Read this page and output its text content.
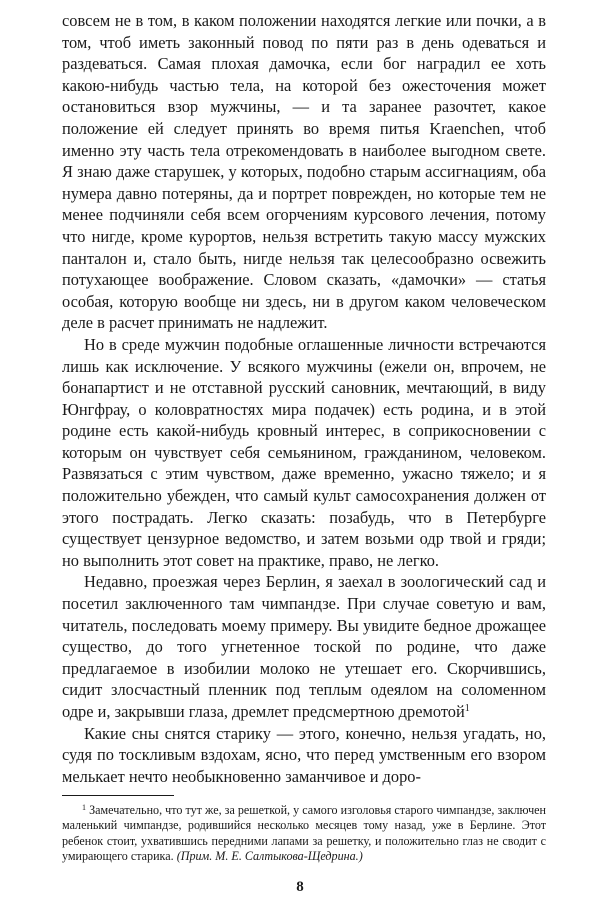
совсем не в том, в каком положении находятся легкие или почки, а в том, чтоб иметь законный повод по пяти раз в день одеваться и раздеваться. Самая плохая дамочка, если бог наградил ее хоть какою-нибудь частью тела, на которой без ожесточения может остановиться взор мужчины, — и та заранее разочтет, какое положение ей следует принять во время питья Kraenchen, чтоб именно эту часть тела отрекомендовать в наиболее выгодном свете. Я знаю даже старушек, у которых, подобно старым ассигнациям, оба нумера давно потеряны, да и портрет поврежден, но которые тем не менее подчиняли себя всем огорчениям курсового лечения, потому что нигде, кроме курортов, нельзя встретить такую массу мужских панталон и, стало быть, нигде нельзя так целесообразно освежить потухающее воображение. Словом сказать, «дамочки» — статья особая, которую вообще ни здесь, ни в другом каком человеческом деле в расчет принимать не надлежит.

Но в среде мужчин подобные оглашенные личности встречаются лишь как исключение. У всякого мужчины (ежели он, впрочем, не бонапартист и не отставной русский сановник, мечтающий, в виду Юнгфрау, о коловратностях мира подачек) есть родина, и в этой родине есть какой-нибудь кровный интерес, в соприкосновении с которым он чувствует себя семьянином, гражданином, человеком. Развязаться с этим чувством, даже временно, ужасно тяжело; и я положительно убежден, что самый культ самосохранения должен от этого пострадать. Легко сказать: позабудь, что в Петербурге существует цензурное ведомство, и затем возьми одр твой и гряди; но выполнить этот совет на практике, право, не легко.

Недавно, проезжая через Берлин, я заехал в зоологический сад и посетил заключенного там чимпандзе. При случае советую и вам, читатель, последовать моему примеру. Вы увидите бедное дрожащее существо, до того угнетенное тоской по родине, что даже предлагаемое в изобилии молоко не утешает его. Скорчившись, сидит злосчастный пленник под теплым одеялом на соломенном одре и, закрывши глаза, дремлет предсмертною дремотой$^1$

Какие сны снятся старику — этого, конечно, нельзя угадать, но, судя по тоскливым вздохам, ясно, что перед умственным его взором мелькает нечто необыкновенно заманчивое и доро-

$^1$ Замечательно, что тут же, за решеткой, у самого изголовья старого чимпандзе, заключен маленький чимпандзе, родившийся несколько месяцев тому назад, уже в Берлине. Этот ребенок стоит, ухватившись передними лапами за решетку, и положительно глаз не сводит с умирающего старика. (Прим. М. Е. Салтыкова-Щедрина.)
8
